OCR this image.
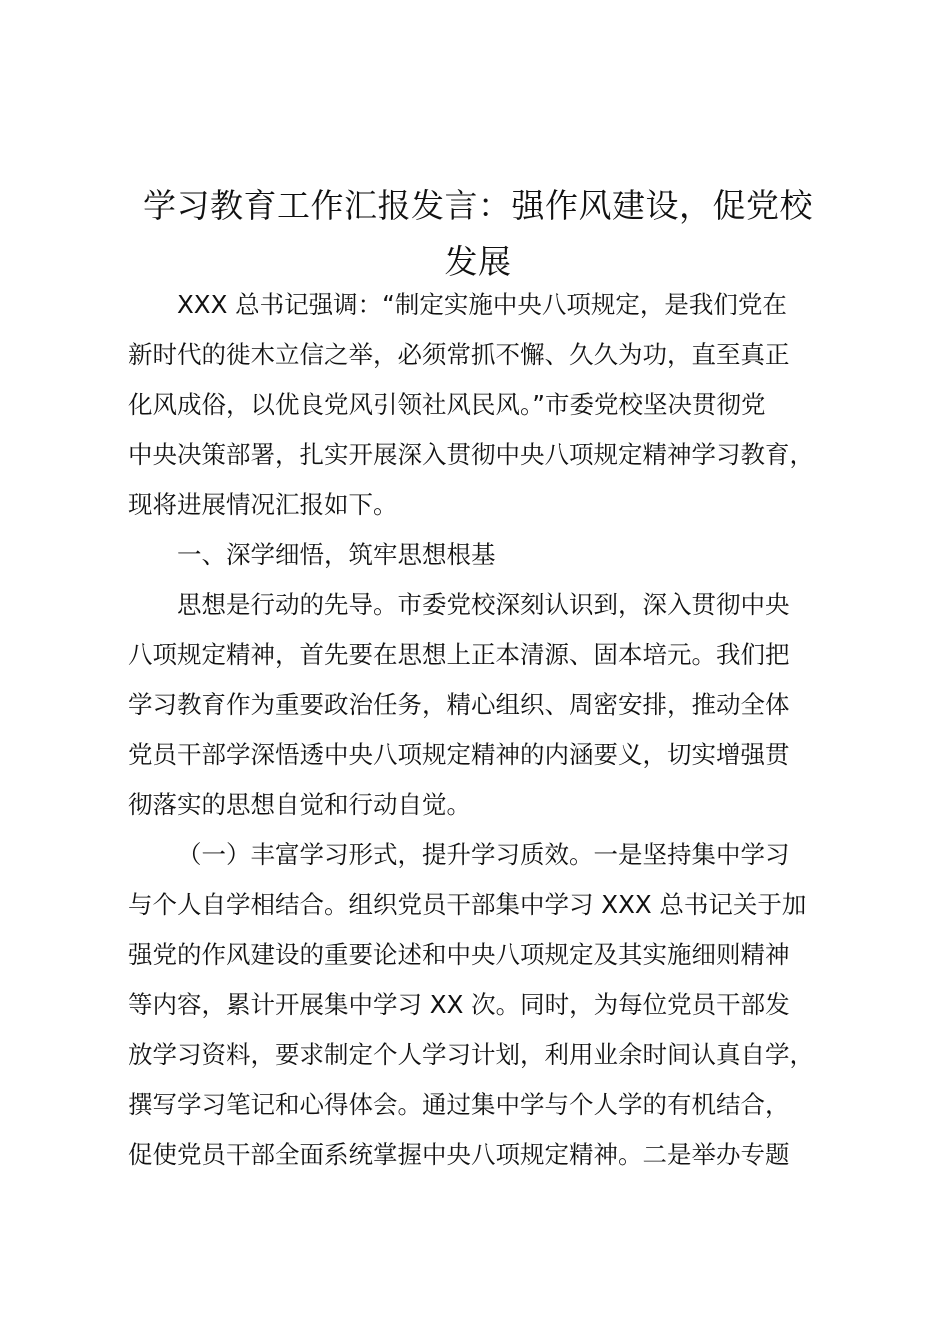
学习教育工作汇报发言：强作风建设，促党校
发展
XXX 总书记强调：“制定实施中央八项规定，是我们党在
新时代的徙木立信之举，必须常抓不懈、久久为功，直至真正
化风成俗，以优良党风引领社风民风。”市委党校坚决贯彻党
中央决策部署，扎实开展深入贯彻中央八项规定精神学习教育，
现将进展情况汇报如下。
一、深学细悟，筑牢思想根基
思想是行动的先导。市委党校深刻认识到，深入贯彻中央
八项规定精神，首先要在思想上正本清源、固本培元。我们把
学习教育作为重要政治任务，精心组织、周密安排，推动全体
党员干部学深悟透中央八项规定精神的内涵要义，切实增强贯
彻落实的思想自觉和行动自觉。
（一）丰富学习形式，提升学习质效。一是坚持集中学习
与个人自学相结合。组织党员干部集中学习 XXX 总书记关于加
强党的作风建设的重要论述和中央八项规定及其实施细则精神
等内容，累计开展集中学习 XX 次。同时，为每位党员干部发
放学习资料，要求制定个人学习计划，利用业余时间认真自学，
撰写学习笔记和心得体会。通过集中学与个人学的有机结合，
促使党员干部全面系统掌握中央八项规定精神。二是举办专题
